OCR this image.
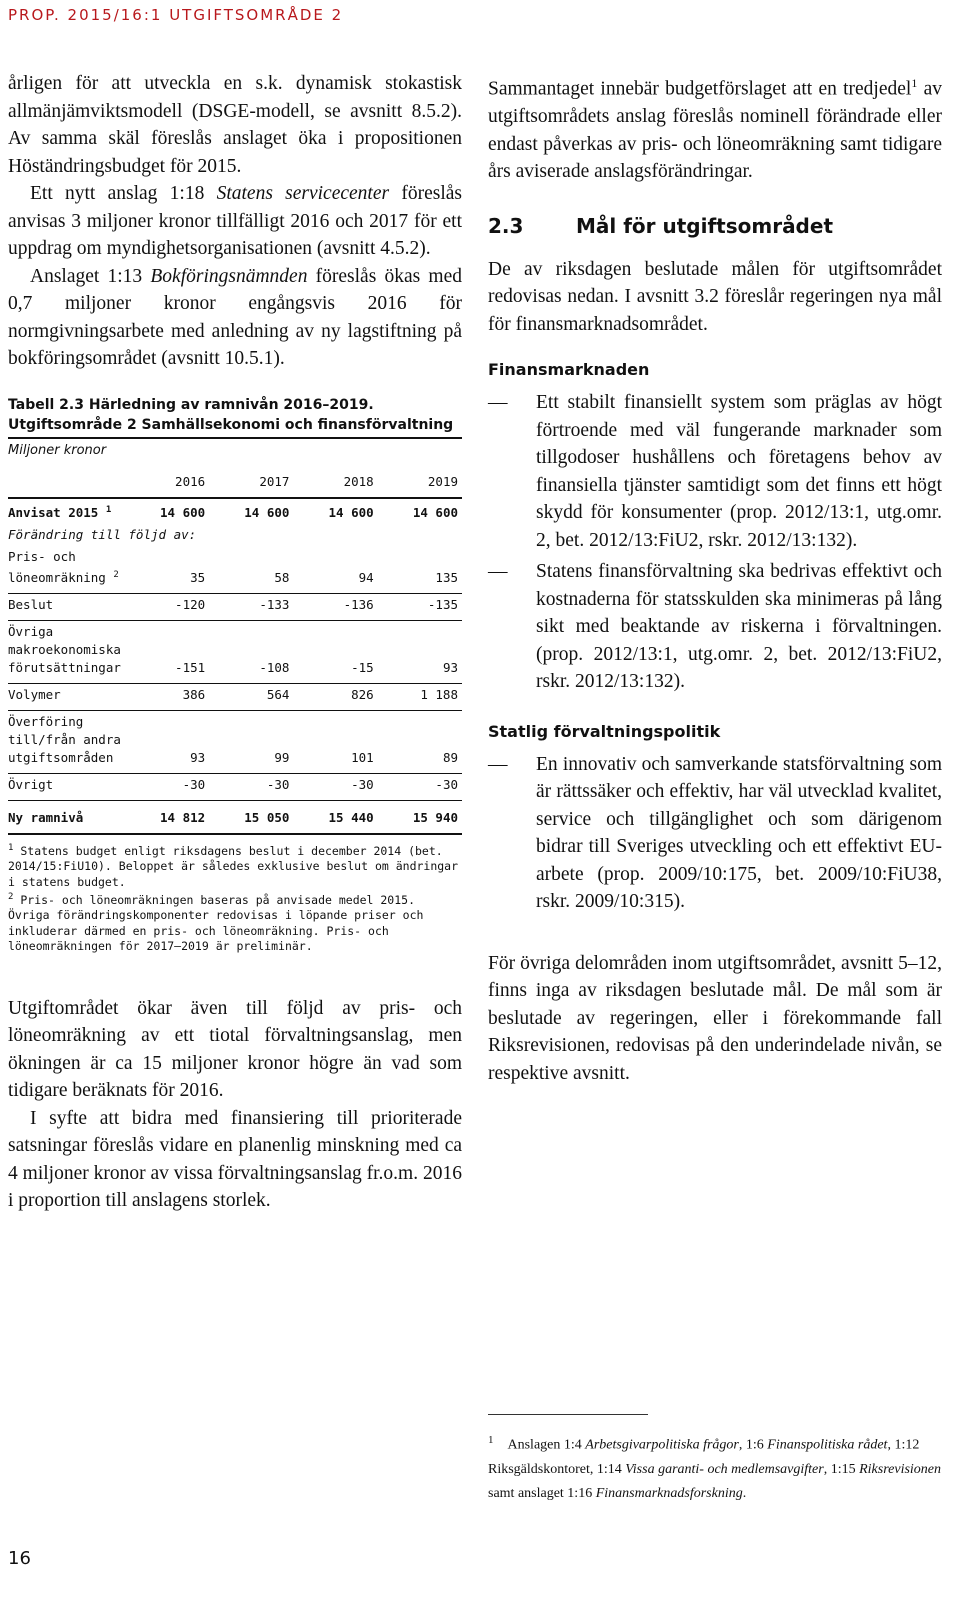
PROP. 2015/16:1 UTGIFTSOMRÅDE 2

årligen för att utveckla en s.k. dynamisk stokastisk allmänjämviktsmodell (DSGE-modell, se avsnitt 8.5.2). Av samma skäl föreslås anslaget öka i propositionen Höständringsbudget för 2015.

Ett nytt anslag 1:18 Statens servicecenter föreslås anvisas 3 miljoner kronor tillfälligt 2016 och 2017 för ett uppdrag om myndighetsorganisationen (avsnitt 4.5.2).

Anslaget 1:13 Bokföringsnämnden föreslås ökas med 0,7 miljoner kronor engångsvis 2016 för normgivningsarbete med anledning av ny lagstiftning på bokföringsområdet (avsnitt 10.5.1).

Tabell 2.3 Härledning av ramnivån 2016–2019.
Utgiftsområde 2 Samhällsekonomi och finansförvaltning
Miljoner kronor
	2016	2017	2018	2019
Anvisat 2015 $^1$	14 600	14 600	14 600	14 600
Förändring till följd av:				
Pris- och löneomräkning $^2$	35	58	94	135
Beslut	-120	-133	-136	-135
Övriga makroekonomiska förutsättningar	-151	-108	-15	93
Volymer	386	564	826	1 188
Överföring till/från andra utgiftsområden	93	99	101	89
Övrigt	-30	-30	-30	-30
Ny ramnivå	14 812	15 050	15 440	15 940
$^1$ Statens budget enligt riksdagens beslut i december 2014 (bet. 2014/15:FiU10). Beloppet är således exklusive beslut om ändringar i statens budget.
$^2$ Pris- och löneomräkningen baseras på anvisade medel 2015. Övriga förändringskomponenter redovisas i löpande priser och inkluderar därmed en pris- och löneomräkning. Pris- och löneomräkningen för 2017–2019 är preliminär.

Utgiftområdet ökar även till följd av pris- och löneomräkning av ett tiotal förvaltningsanslag, men ökningen är ca 15 miljoner kronor högre än vad som tidigare beräknats för 2016.

I syfte att bidra med finansiering till prioriterade satsningar föreslås vidare en planenlig minskning med ca 4 miljoner kronor av vissa förvaltningsanslag fr.o.m. 2016 i proportion till anslagens storlek.

Sammantaget innebär budgetförslaget att en tredjedel$^1$ av utgiftsområdets anslag föreslås nominell förändrade eller endast påverkas av pris- och löneomräkning samt tidigare års aviserade anslagsförändringar.

2.3	Mål för utgiftsområdet

De av riksdagen beslutade målen för utgiftsområdet redovisas nedan. I avsnitt 3.2 föreslår regeringen nya mål för finansmarknadsområdet.

Finansmarknaden
— Ett stabilt finansiellt system som präglas av högt förtroende med väl fungerande marknader som tillgodoser hushållens och företagens behov av finansiella tjänster samtidigt som det finns ett högt skydd för konsumenter (prop. 2012/13:1, utg.omr. 2, bet. 2012/13:FiU2, rskr. 2012/13:132).
— Statens finansförvaltning ska bedrivas effektivt och kostnaderna för statsskulden ska minimeras på lång sikt med beaktande av riskerna i förvaltningen. (prop. 2012/13:1, utg.omr. 2, bet. 2012/13:FiU2, rskr. 2012/13:132).
Statlig förvaltningspolitik
— En innovativ och samverkande statsförvaltning som är rättssäker och effektiv, har väl utvecklad kvalitet, service och tillgänglighet och som därigenom bidrar till Sveriges utveckling och ett effektivt EU-arbete (prop. 2009/10:175, bet. 2009/10:FiU38, rskr. 2009/10:315).

För övriga delområden inom utgiftsområdet, avsnitt 5–12, finns inga av riksdagen beslutade mål. De mål som är beslutade av regeringen, eller i förekommande fall Riksrevisionen, redovisas på den underindelade nivån, se respektive avsnitt.

$^1$ Anslagen 1:4 Arbetsgivarpolitiska frågor, 1:6 Finanspolitiska rådet, 1:12 Riksgäldskontoret, 1:14 Vissa garanti- och medlemsavgifter, 1:15 Riksrevisionen samt anslaget 1:16 Finansmarknadsforskning.
16
